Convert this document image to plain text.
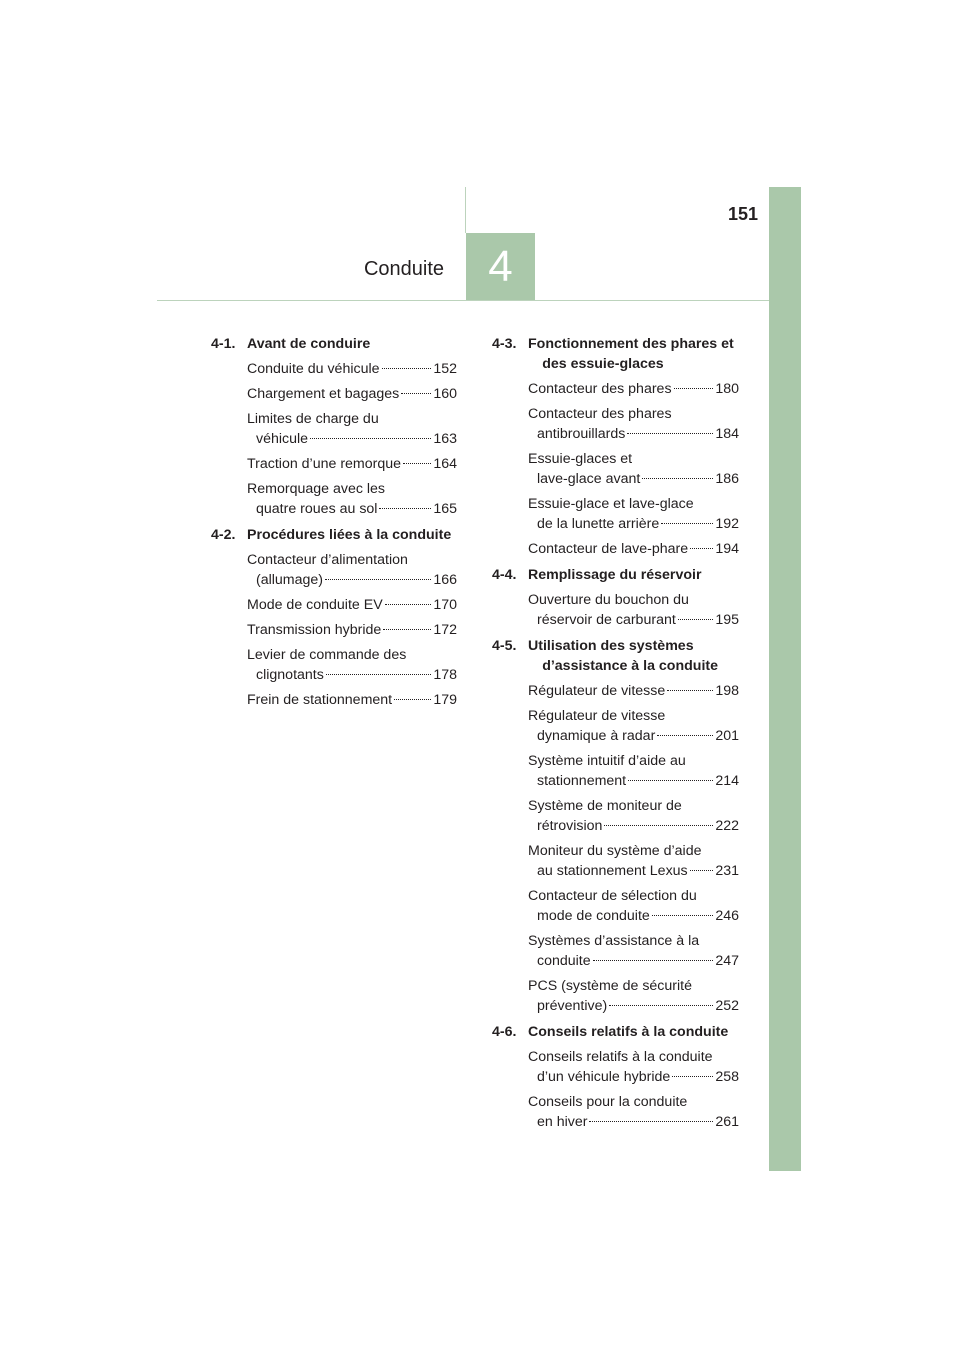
4
151
Conduite
4-1. Avant de conduire
Conduite du véhicule	152
Chargement et bagages 160
Limites de charge du
véhicule	163
Traction d’une remorque 164
Remorquage avec les
quatre roues au sol	165
4-2. Procédures liées à la conduite
Contacteur d’alimentation
(allumage)	166
Mode de conduite EV	170
Transmission hybride	172
Levier de commande des
clignotants	178
Frein de stationnement	179
4-3. Fonctionnement des phares et des essuie-glaces
Contacteur des phares	180
Contacteur des phares
antibrouillards	184
Essuie-glaces et
lave-glace avant	186
Essuie-glace et lave-glace
de la lunette arrière	192
Contacteur de lave-phare 194
4-4. Remplissage du réservoir
Ouverture du bouchon du
réservoir de carburant	195
4-5. Utilisation des systèmes d’assistance à la conduite
Régulateur de vitesse	198
Régulateur de vitesse
dynamique à radar	201
Système intuitif d’aide au
stationnement	214
Système de moniteur de
rétrovision	222
Moniteur du système d’aide
au stationnement Lexus 231
Contacteur de sélection du
mode de conduite	246
Systèmes d’assistance à la
conduite	247
PCS (système de sécurité
préventive)	252
4-6. Conseils relatifs à la conduite
Conseils relatifs à la conduite
d’un véhicule hybride	258
Conseils pour la conduite
en hiver	261
